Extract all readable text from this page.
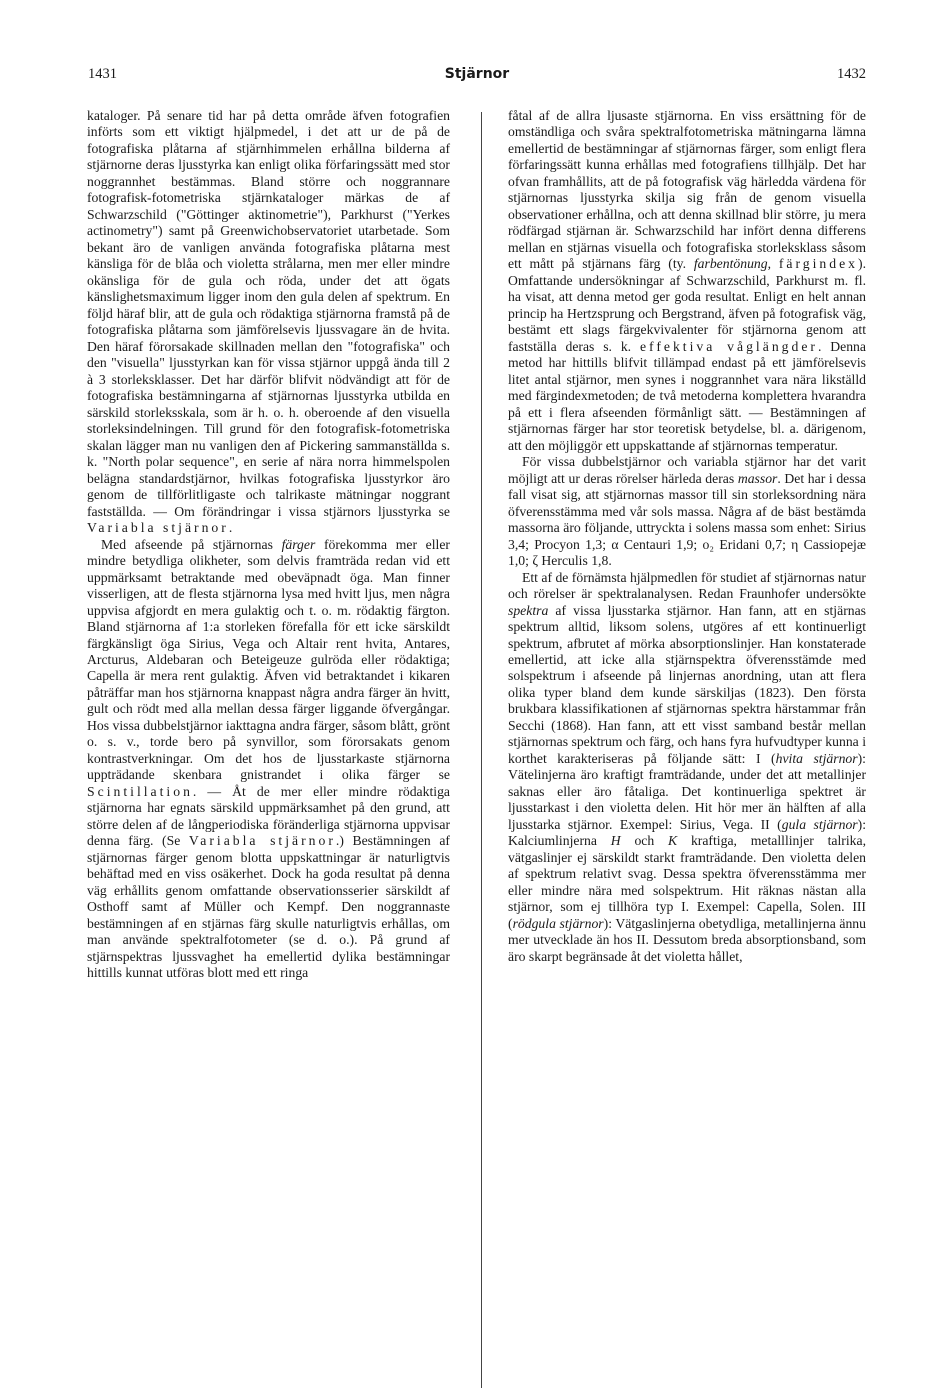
1431	Stjärnor	1432

kataloger. På senare tid har på detta område äfven fotografien införts som ett viktigt hjälpmedel, i det att ur de på de fotografiska plåtarna af stjärnhimmelen erhållna bilderna af stjärnorne deras ljusstyrka kan enligt olika förfaringssätt med stor noggrannhet bestämmas. Bland större och noggrannare fotografisk-fotometriska stjärnkataloger märkas de af Schwarzschild ("Göttinger aktinometrie"), Parkhurst ("Yerkes actinometry") samt på Greenwichobservatoriet utarbetade. Som bekant äro de vanligen använda fotografiska plåtarna mest känsliga för de blåa och violetta strålarna, men mer eller mindre okänsliga för de gula och röda, under det att ögats känslighetsmaximum ligger inom den gula delen af spektrum. En följd häraf blir, att de gula och rödaktiga stjärnorna framstå på de fotografiska plåtarna som jämförelsevis ljussvagare än de hvita. Den häraf förorsakade skillnaden mellan den "fotografiska" och den "visuella" ljusstyrkan kan för vissa stjärnor uppgå ända till 2 à 3 storleksklasser. Det har därför blifvit nödvändigt att för de fotografiska bestämningarna af stjärnornas ljusstyrka utbilda en särskild storleksskala, som är h. o. h. oberoende af den visuella storleksindelningen. Till grund för den fotografisk-fotometriska skalan lägger man nu vanligen den af Pickering sammanställda s. k. "North polar sequence", en serie af nära norra himmelspolen belägna standardstjärnor, hvilkas fotografiska ljusstyrkor äro genom de tillförlitligaste och talrikaste mätningar noggrant fastställda. — Om förändringar i vissa stjärnors ljusstyrka se Variabla stjärnor.

Med afseende på stjärnornas färger förekomma mer eller mindre betydliga olikheter, som delvis framträda redan vid ett uppmärksamt betraktande med obeväpnadt öga. Man finner visserligen, att de flesta stjärnorna lysa med hvitt ljus, men några uppvisa afgjordt en mera gulaktig och t. o. m. rödaktig färgton. Bland stjärnorna af 1:a storleken förefalla för ett icke särskildt färgkänsligt öga Sirius, Vega och Altair rent hvita, Antares, Arcturus, Aldebaran och Beteigeuze gulröda eller rödaktiga; Capella är mera rent gulaktig. Äfven vid betraktandet i kikaren påträffar man hos stjärnorna knappast några andra färger än hvitt, gult och rödt med alla mellan dessa färger liggande öfvergångar. Hos vissa dubbelstjärnor iakttagna andra färger, såsom blått, grönt o. s. v., torde bero på synvillor, som förorsakats genom kontrastverkningar. Om det hos de ljusstarkaste stjärnorna uppträdande skenbara gnistrandet i olika färger se Scintillation. — Åt de mer eller mindre rödaktiga stjärnorna har egnats särskild uppmärksamhet på den grund, att större delen af de långperiodiska föränderliga stjärnorna uppvisar denna färg. (Se Variabla stjärnor.) Bestämningen af stjärnornas färger genom blotta uppskattningar är naturligtvis behäftad med en viss osäkerhet. Dock ha goda resultat på denna väg erhållits genom omfattande observationsserier särskildt af Osthoff samt af Müller och Kempf. Den noggrannaste bestämningen af en stjärnas färg skulle naturligtvis erhållas, om man använde spektralfotometer (se d. o.). På grund af stjärnspektras ljussvaghet ha emellertid dylika bestämningar hittills kunnat utföras blott med ett ringa

fåtal af de allra ljusaste stjärnorna. En viss ersättning för de omständliga och svåra spektralfotometriska mätningarna lämna emellertid de bestämningar af stjärnornas färger, som enligt flera förfaringssätt kunna erhållas med fotografiens tillhjälp. Det har ofvan framhållits, att de på fotografisk väg härledda värdena för stjärnornas ljusstyrka skilja sig från de genom visuella observationer erhållna, och att denna skillnad blir större, ju mera rödfärgad stjärnan är. Schwarzschild har infört denna differens mellan en stjärnas visuella och fotografiska storleksklass såsom ett mått på stjärnans färg (ty. farbentönung, färgindex). Omfattande undersökningar af Schwarzschild, Parkhurst m. fl. ha visat, att denna metod ger goda resultat. Enligt en helt annan princip ha Hertzsprung och Bergstrand, äfven på fotografisk väg, bestämt ett slags färgekvivalenter för stjärnorna genom att fastställa deras s. k. effektiva våglängder. Denna metod har hittills blifvit tillämpad endast på ett jämförelsevis litet antal stjärnor, men synes i noggrannhet vara nära likställd med färgindexmetoden; de två metoderna komplettera hvarandra på ett i flera afseenden förmånligt sätt. — Bestämningen af stjärnornas färger har stor teoretisk betydelse, bl. a. därigenom, att den möjliggör ett uppskattande af stjärnornas temperatur.

För vissa dubbelstjärnor och variabla stjärnor har det varit möjligt att ur deras rörelser härleda deras massor. Det har i dessa fall visat sig, att stjärnornas massor till sin storleksordning nära öfverensstämma med vår sols massa. Några af de bäst bestämda massorna äro följande, uttryckta i solens massa som enhet: Sirius 3,4; Procyon 1,3; α Centauri 1,9; o₂ Eridani 0,7; η Cassiopejæ 1,0; ζ Herculis 1,8.

Ett af de förnämsta hjälpmedlen för studiet af stjärnornas natur och rörelser är spektralanalysen. Redan Fraunhofer undersökte spektra af vissa ljusstarka stjärnor. Han fann, att en stjärnas spektrum alltid, liksom solens, utgöres af ett kontinuerligt spektrum, afbrutet af mörka absorptionslinjer. Han konstaterade emellertid, att icke alla stjärnspektra öfverensstämde med solspektrum i afseende på linjernas anordning, utan att flera olika typer bland dem kunde särskiljas (1823). Den första brukbara klassifikationen af stjärnornas spektra härstammar från Secchi (1868). Han fann, att ett visst samband består mellan stjärnornas spektrum och färg, och hans fyra hufvudtyper kunna i korthet karakteriseras på följande sätt: I (hvita stjärnor): Vätelinjerna äro kraftigt framträdande, under det att metallinjer saknas eller äro fåtaliga. Det kontinuerliga spektret är ljusstarkast i den violetta delen. Hit hör mer än hälften af alla ljusstarka stjärnor. Exempel: Sirius, Vega. II (gula stjärnor): Kalciumlinjerna H och K kraftiga, metalllinjer talrika, vätgaslinjer ej särskildt starkt framträdande. Den violetta delen af spektrum relativt svag. Dessa spektra öfverensstämma mer eller mindre nära med solspektrum. Hit räknas nästan alla stjärnor, som ej tillhöra typ I. Exempel: Capella, Solen. III (rödgula stjärnor): Vätgaslinjerna obetydliga, metallinjerna ännu mer utvecklade än hos II. Dessutom breda absorptionsband, som äro skarpt begränsade åt det violetta hållet,
